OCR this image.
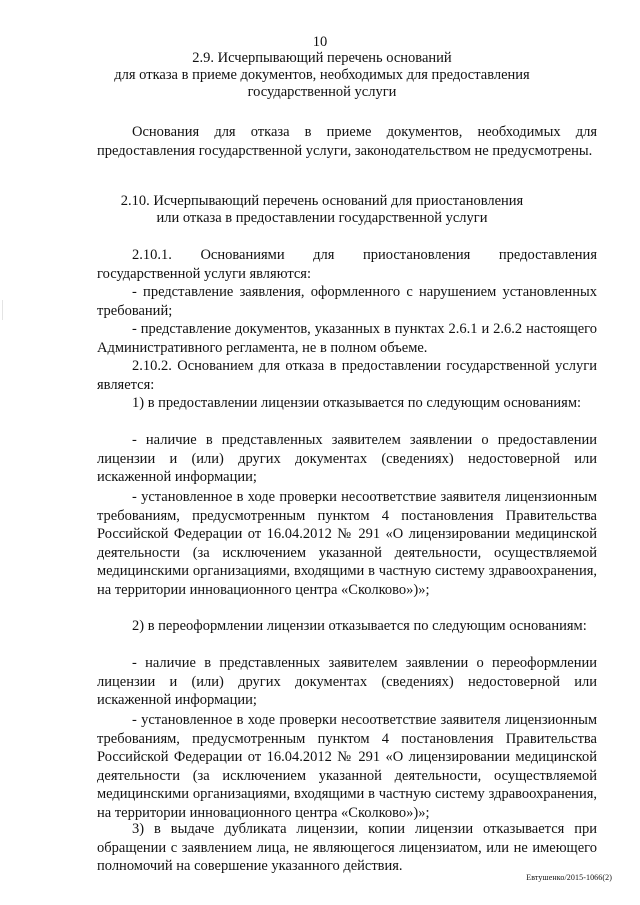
10
2.9. Исчерпывающий перечень оснований
для отказа в приеме документов, необходимых для предоставления
государственной услуги
Основания для отказа в приеме документов, необходимых для предоставления государственной услуги, законодательством не предусмотрены.
2.10. Исчерпывающий перечень оснований для приостановления
или отказа в предоставлении государственной услуги
2.10.1. Основаниями для приостановления предоставления государственной услуги являются:
- представление заявления, оформленного с нарушением установленных требований;
- представление документов, указанных в пунктах 2.6.1 и 2.6.2 настоящего Административного регламента, не в полном объеме.
2.10.2. Основанием для отказа в предоставлении государственной услуги является:
1) в предоставлении лицензии отказывается по следующим основаниям:
- наличие в представленных заявителем заявлении о предоставлении лицензии и (или) других документах (сведениях) недостоверной или искаженной информации;
- установленное в ходе проверки несоответствие заявителя лицензионным требованиям, предусмотренным пунктом 4 постановления Правительства Российской Федерации от 16.04.2012 № 291 «О лицензировании медицинской деятельности (за исключением указанной деятельности, осуществляемой медицинскими организациями, входящими в частную систему здравоохранения, на территории инновационного центра «Сколково»)»;
2) в переоформлении лицензии отказывается по следующим основаниям:
- наличие в представленных заявителем заявлении о переоформлении лицензии и (или) других документах (сведениях) недостоверной или искаженной информации;
- установленное в ходе проверки несоответствие заявителя лицензионным требованиям, предусмотренным пунктом 4 постановления Правительства Российской Федерации от 16.04.2012 № 291 «О лицензировании медицинской деятельности (за исключением указанной деятельности, осуществляемой медицинскими организациями, входящими в частную систему здравоохранения, на территории инновационного центра «Сколково»)»;
3) в выдаче дубликата лицензии, копии лицензии отказывается при обращении с заявлением лица, не являющегося лицензиатом, или не имеющего полномочий на совершение указанного действия.
Евтушенко/2015-1066(2)
